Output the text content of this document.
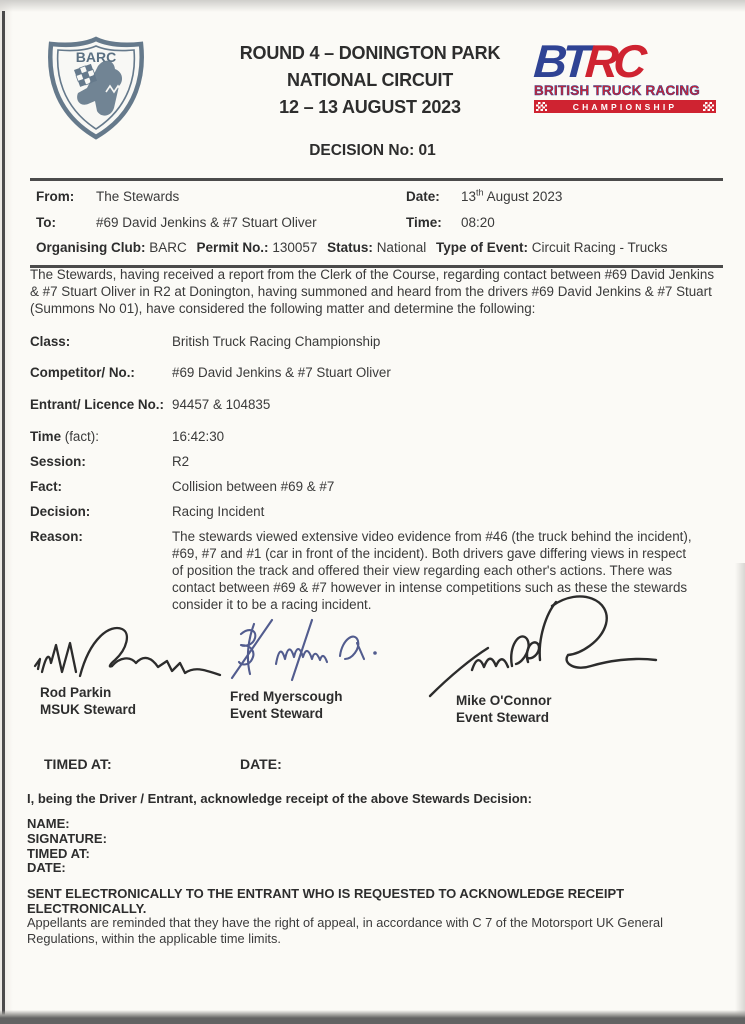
BARC	ROUND 4 – DONINGTON PARK
NATIONAL CIRCUIT
12 – 13 AUGUST 2023
BTRC
BRITISH TRUCK RACING
CHAMPIONSHIP
DECISION No: 01
From:	The Stewards	Date:	13th August 2023
To:	#69 David Jenkins & #7 Stuart Oliver	Time:	08:20
Organising Club: BARC Permit No.: 130057 Status: National Type of Event: Circuit Racing - Trucks
The Stewards, having received a report from the Clerk of the Course, regarding contact between #69 David Jenkins & #7 Stuart Oliver in R2 at Donington, having summoned and heard from the drivers #69 David Jenkins & #7 Stuart (Summons No 01), have considered the following matter and determine the following:
Class:	British Truck Racing Championship
Competitor/ No.:	#69 David Jenkins & #7 Stuart Oliver
Entrant/ Licence No.: 94457 & 104835
Time (fact):	16:42:30
Session:	R2
Fact:	Collision between #69 & #7
Decision:	Racing Incident
Reason:	The stewards viewed extensive video evidence from #46 (the truck behind the incident), #69, #7 and #1 (car in front of the incident). Both drivers gave differing views in respect of position the track and offered their view regarding each other's actions. There was contact between #69 & #7 however in intense competitions such as these the stewards consider it to be a racing incident.
Rod Parkin
MSUK Steward
Fred Myerscough
Event Steward
Mike O'Connor
Event Steward
TIMED AT:	DATE:
I, being the Driver / Entrant, acknowledge receipt of the above Stewards Decision:
NAME:
SIGNATURE:
TIMED AT:
DATE:
SENT ELECTRONICALLY TO THE ENTRANT WHO IS REQUESTED TO ACKNOWLEDGE RECEIPT ELECTRONICALLY.
Appellants are reminded that they have the right of appeal, in accordance with C 7 of the Motorsport UK General Regulations, within the applicable time limits.
